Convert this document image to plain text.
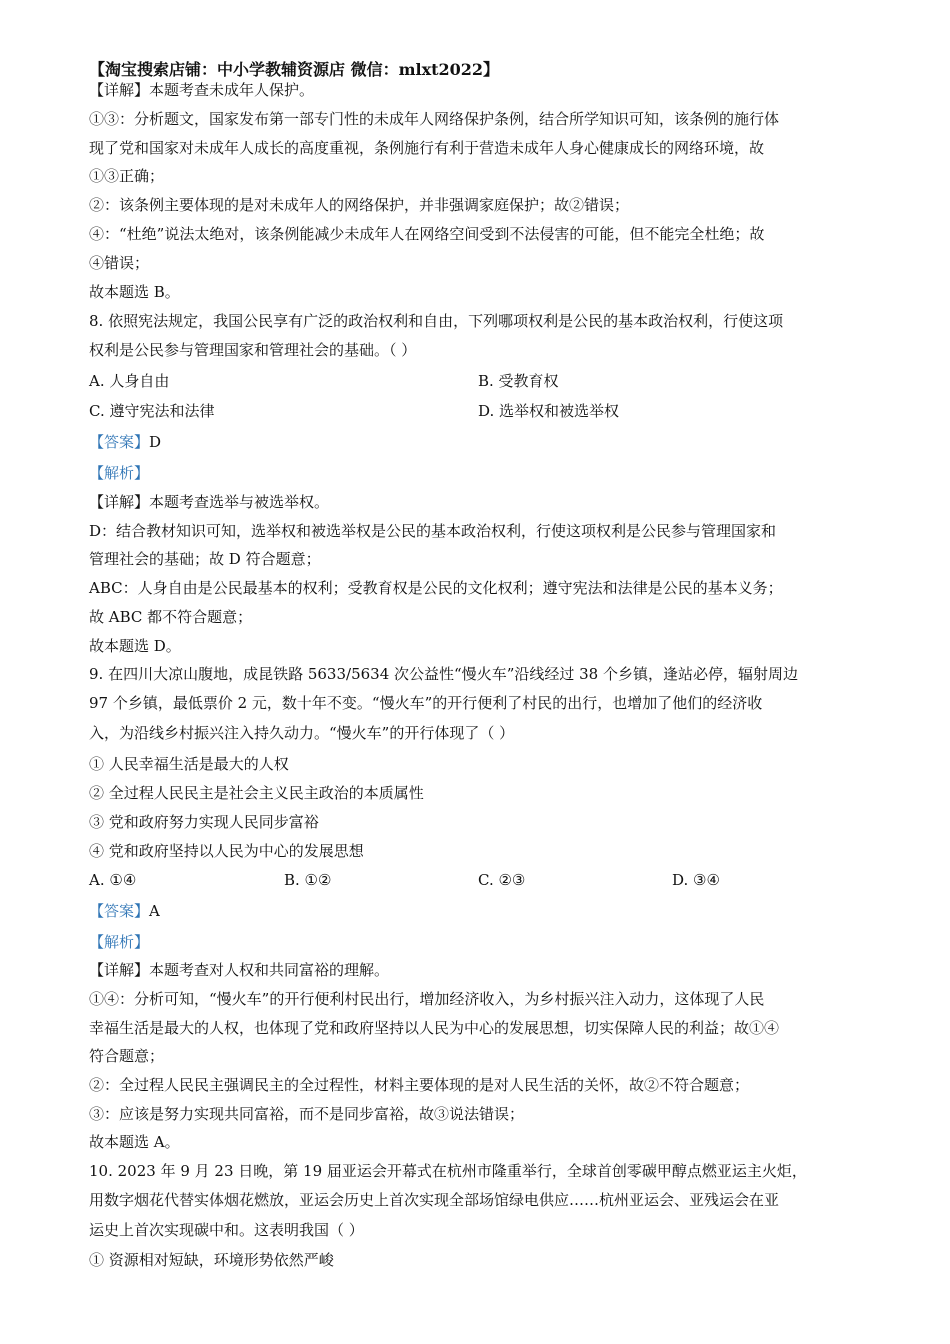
【淘宝搜索店铺：中小学教辅资源店 微信：mlxt2022】
【详解】本题考查未成年人保护。
①③：分析题文，国家发布第一部专门性的未成年人网络保护条例，结合所学知识可知，该条例的施行体
现了党和国家对未成年人成长的高度重视，条例施行有利于营造未成年人身心健康成长的网络环境，故
①③正确；
②：该条例主要体现的是对未成年人的网络保护，并非强调家庭保护；故②错误；
④：“杜绝”说法太绝对，该条例能减少未成年人在网络空间受到不法侵害的可能，但不能完全杜绝；故
④错误；
故本题选 B。
8. 依照宪法规定，我国公民享有广泛的政治权利和自由，下列哪项权利是公民的基本政治权利，行使这项
权利是公民参与管理国家和管理社会的基础。（ ）
A. 人身自由	B. 受教育权
C. 遵守宪法和法律	D. 选举权和被选举权
【答案】D
【解析】
【详解】本题考查选举与被选举权。
D：结合教材知识可知，选举权和被选举权是公民的基本政治权利，行使这项权利是公民参与管理国家和
管理社会的基础；故 D 符合题意；
ABC：人身自由是公民最基本的权利；受教育权是公民的文化权利；遵守宪法和法律是公民的基本义务；
故 ABC 都不符合题意；
故本题选 D。
9. 在四川大凉山腹地，成昆铁路 5633/5634 次公益性“慢火车”沿线经过 38 个乡镇，逢站必停，辐射周边
97 个乡镇，最低票价 2 元，数十年不变。“慢火车”的开行便利了村民的出行，也增加了他们的经济收
入，为沿线乡村振兴注入持久动力。“慢火车”的开行体现了（ ）
① 人民幸福生活是最大的人权
② 全过程人民民主是社会主义民主政治的本质属性
③ 党和政府努力实现人民同步富裕
④ 党和政府坚持以人民为中心的发展思想
A. ①④	B. ①②	C. ②③	D. ③④
【答案】A
【解析】
【详解】本题考查对人权和共同富裕的理解。
①④：分析可知，“慢火车”的开行便利村民出行，增加经济收入，为乡村振兴注入动力，这体现了人民
幸福生活是最大的人权，也体现了党和政府坚持以人民为中心的发展思想，切实保障人民的利益；故①④
符合题意；
②：全过程人民民主强调民主的全过程性，材料主要体现的是对人民生活的关怀，故②不符合题意；
③：应该是努力实现共同富裕，而不是同步富裕，故③说法错误；
故本题选 A。
10. 2023 年 9 月 23 日晚，第 19 届亚运会开幕式在杭州市隆重举行，全球首创零碳甲醇点燃亚运主火炬，
用数字烟花代替实体烟花燃放，亚运会历史上首次实现全部场馆绿电供应……杭州亚运会、亚残运会在亚
运史上首次实现碳中和。这表明我国（ ）
① 资源相对短缺，环境形势依然严峻
